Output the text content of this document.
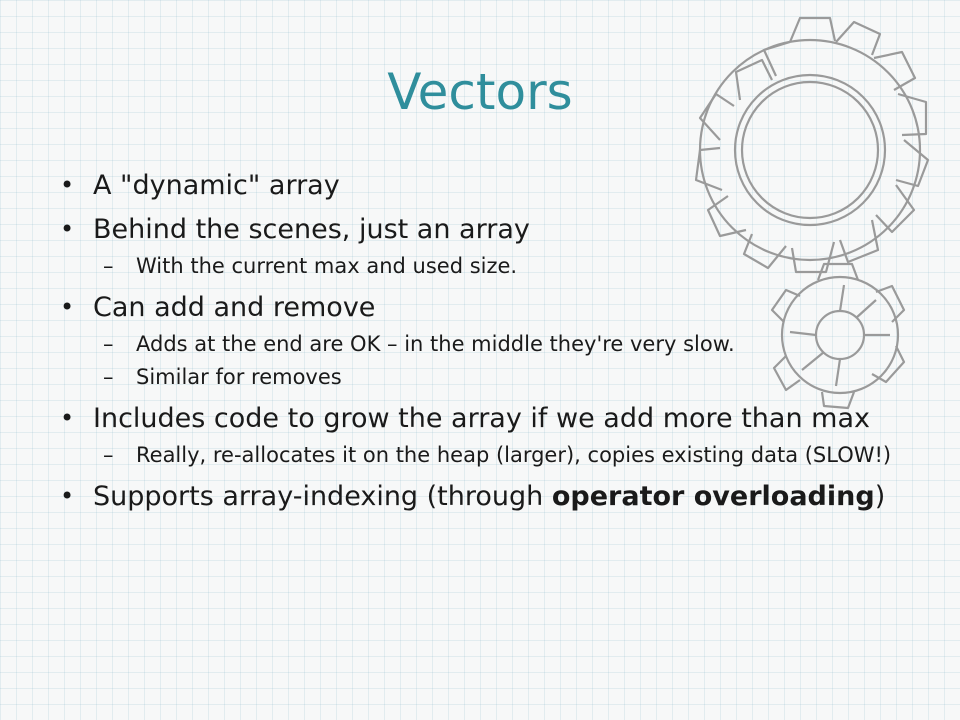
Vectors
• A "dynamic" array
• Behind the scenes, just an array
– With the current max and used size.
• Can add and remove
– Adds at the end are OK – in the middle they're very slow.
– Similar for removes
• Includes code to grow the array if we add more than max
– Really, re-allocates it on the heap (larger), copies existing data (SLOW!)
• Supports array-indexing (through operator overloading)
